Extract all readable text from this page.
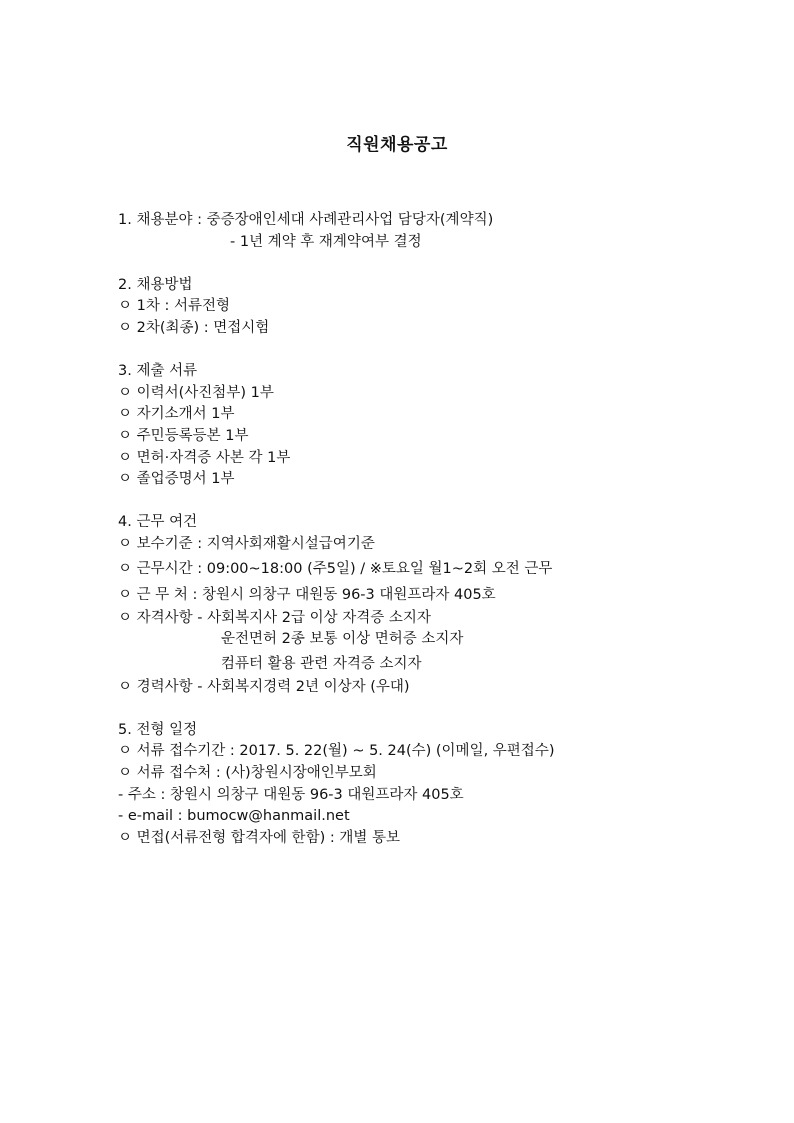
직원채용공고
1. 채용분야 : 중증장애인세대 사례관리사업 담당자(계약직)
- 1년 계약 후 재계약여부 결정
2. 채용방법
ㅇ 1차 : 서류전형
ㅇ 2차(최종) : 면접시험
3. 제출 서류
ㅇ 이력서(사진첨부) 1부
ㅇ 자기소개서 1부
ㅇ 주민등록등본 1부
ㅇ 면허·자격증 사본 각 1부
ㅇ 졸업증명서 1부
4. 근무 여건
ㅇ 보수기준 : 지역사회재활시설급여기준
ㅇ 근무시간 : 09:00~18:00 (주5일) / ※토요일 월1~2회 오전 근무
ㅇ 근 무 처 : 창원시 의창구 대원동 96-3 대원프라자 405호
ㅇ 자격사항 - 사회복지사 2급 이상 자격증 소지자
운전면허 2종 보통 이상 면허증 소지자
컴퓨터 활용 관련 자격증 소지자
ㅇ 경력사항 - 사회복지경력 2년 이상자 (우대)
5. 전형 일정
ㅇ 서류 접수기간 : 2017. 5. 22(월) ~ 5. 24(수) (이메일, 우편접수)
ㅇ 서류 접수처 : (사)창원시장애인부모회
- 주소 : 창원시 의창구 대원동 96-3 대원프라자 405호
- e-mail : bumocw@hanmail.net
ㅇ 면접(서류전형 합격자에 한함) : 개별 통보
